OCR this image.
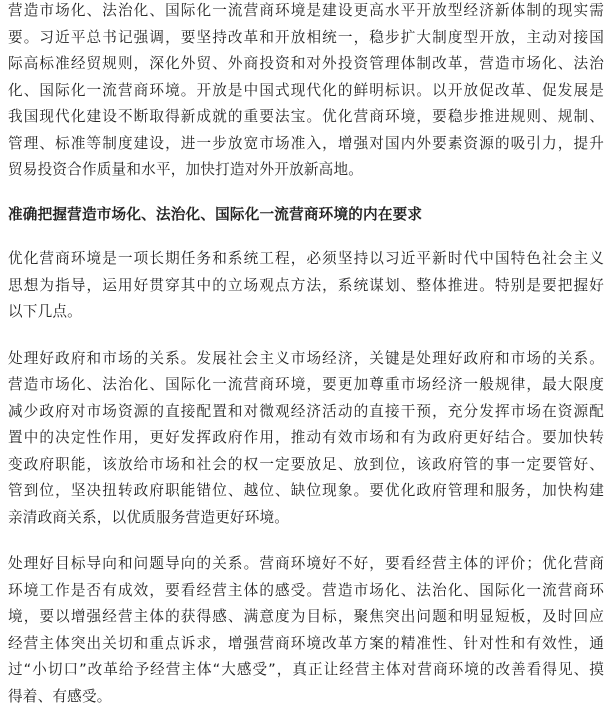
营造市场化、法治化、国际化一流营商环境是建设更高水平开放型经济新体制的现实需
要。习近平总书记强调，要坚持改革和开放相统一，稳步扩大制度型开放，主动对接国
际高标准经贸规则，深化外贸、外商投资和对外投资管理体制改革，营造市场化、法治
化、国际化一流营商环境。开放是中国式现代化的鲜明标识。以开放促改革、促发展是
我国现代化建设不断取得新成就的重要法宝。优化营商环境，要稳步推进规则、规制、
管理、标准等制度建设，进一步放宽市场准入，增强对国内外要素资源的吸引力，提升
贸易投资合作质量和水平，加快打造对外开放新高地。
准确把握营造市场化、法治化、国际化一流营商环境的内在要求
优化营商环境是一项长期任务和系统工程，必须坚持以习近平新时代中国特色社会主义
思想为指导，运用好贯穿其中的立场观点方法，系统谋划、整体推进。特别是要把握好
以下几点。
处理好政府和市场的关系。发展社会主义市场经济，关键是处理好政府和市场的关系。
营造市场化、法治化、国际化一流营商环境，要更加尊重市场经济一般规律，最大限度
减少政府对市场资源的直接配置和对微观经济活动的直接干预，充分发挥市场在资源配
置中的决定性作用，更好发挥政府作用，推动有效市场和有为政府更好结合。要加快转
变政府职能，该放给市场和社会的权一定要放足、放到位，该政府管的事一定要管好、
管到位，坚决扭转政府职能错位、越位、缺位现象。要优化政府管理和服务，加快构建
亲清政商关系，以优质服务营造更好环境。
处理好目标导向和问题导向的关系。营商环境好不好，要看经营主体的评价；优化营商
环境工作是否有成效，要看经营主体的感受。营造市场化、法治化、国际化一流营商环
境，要以增强经营主体的获得感、满意度为目标，聚焦突出问题和明显短板，及时回应
经营主体突出关切和重点诉求，增强营商环境改革方案的精准性、针对性和有效性，通
过“小切口”改革给予经营主体“大感受”，真正让经营主体对营商环境的改善看得见、摸
得着、有感受。
